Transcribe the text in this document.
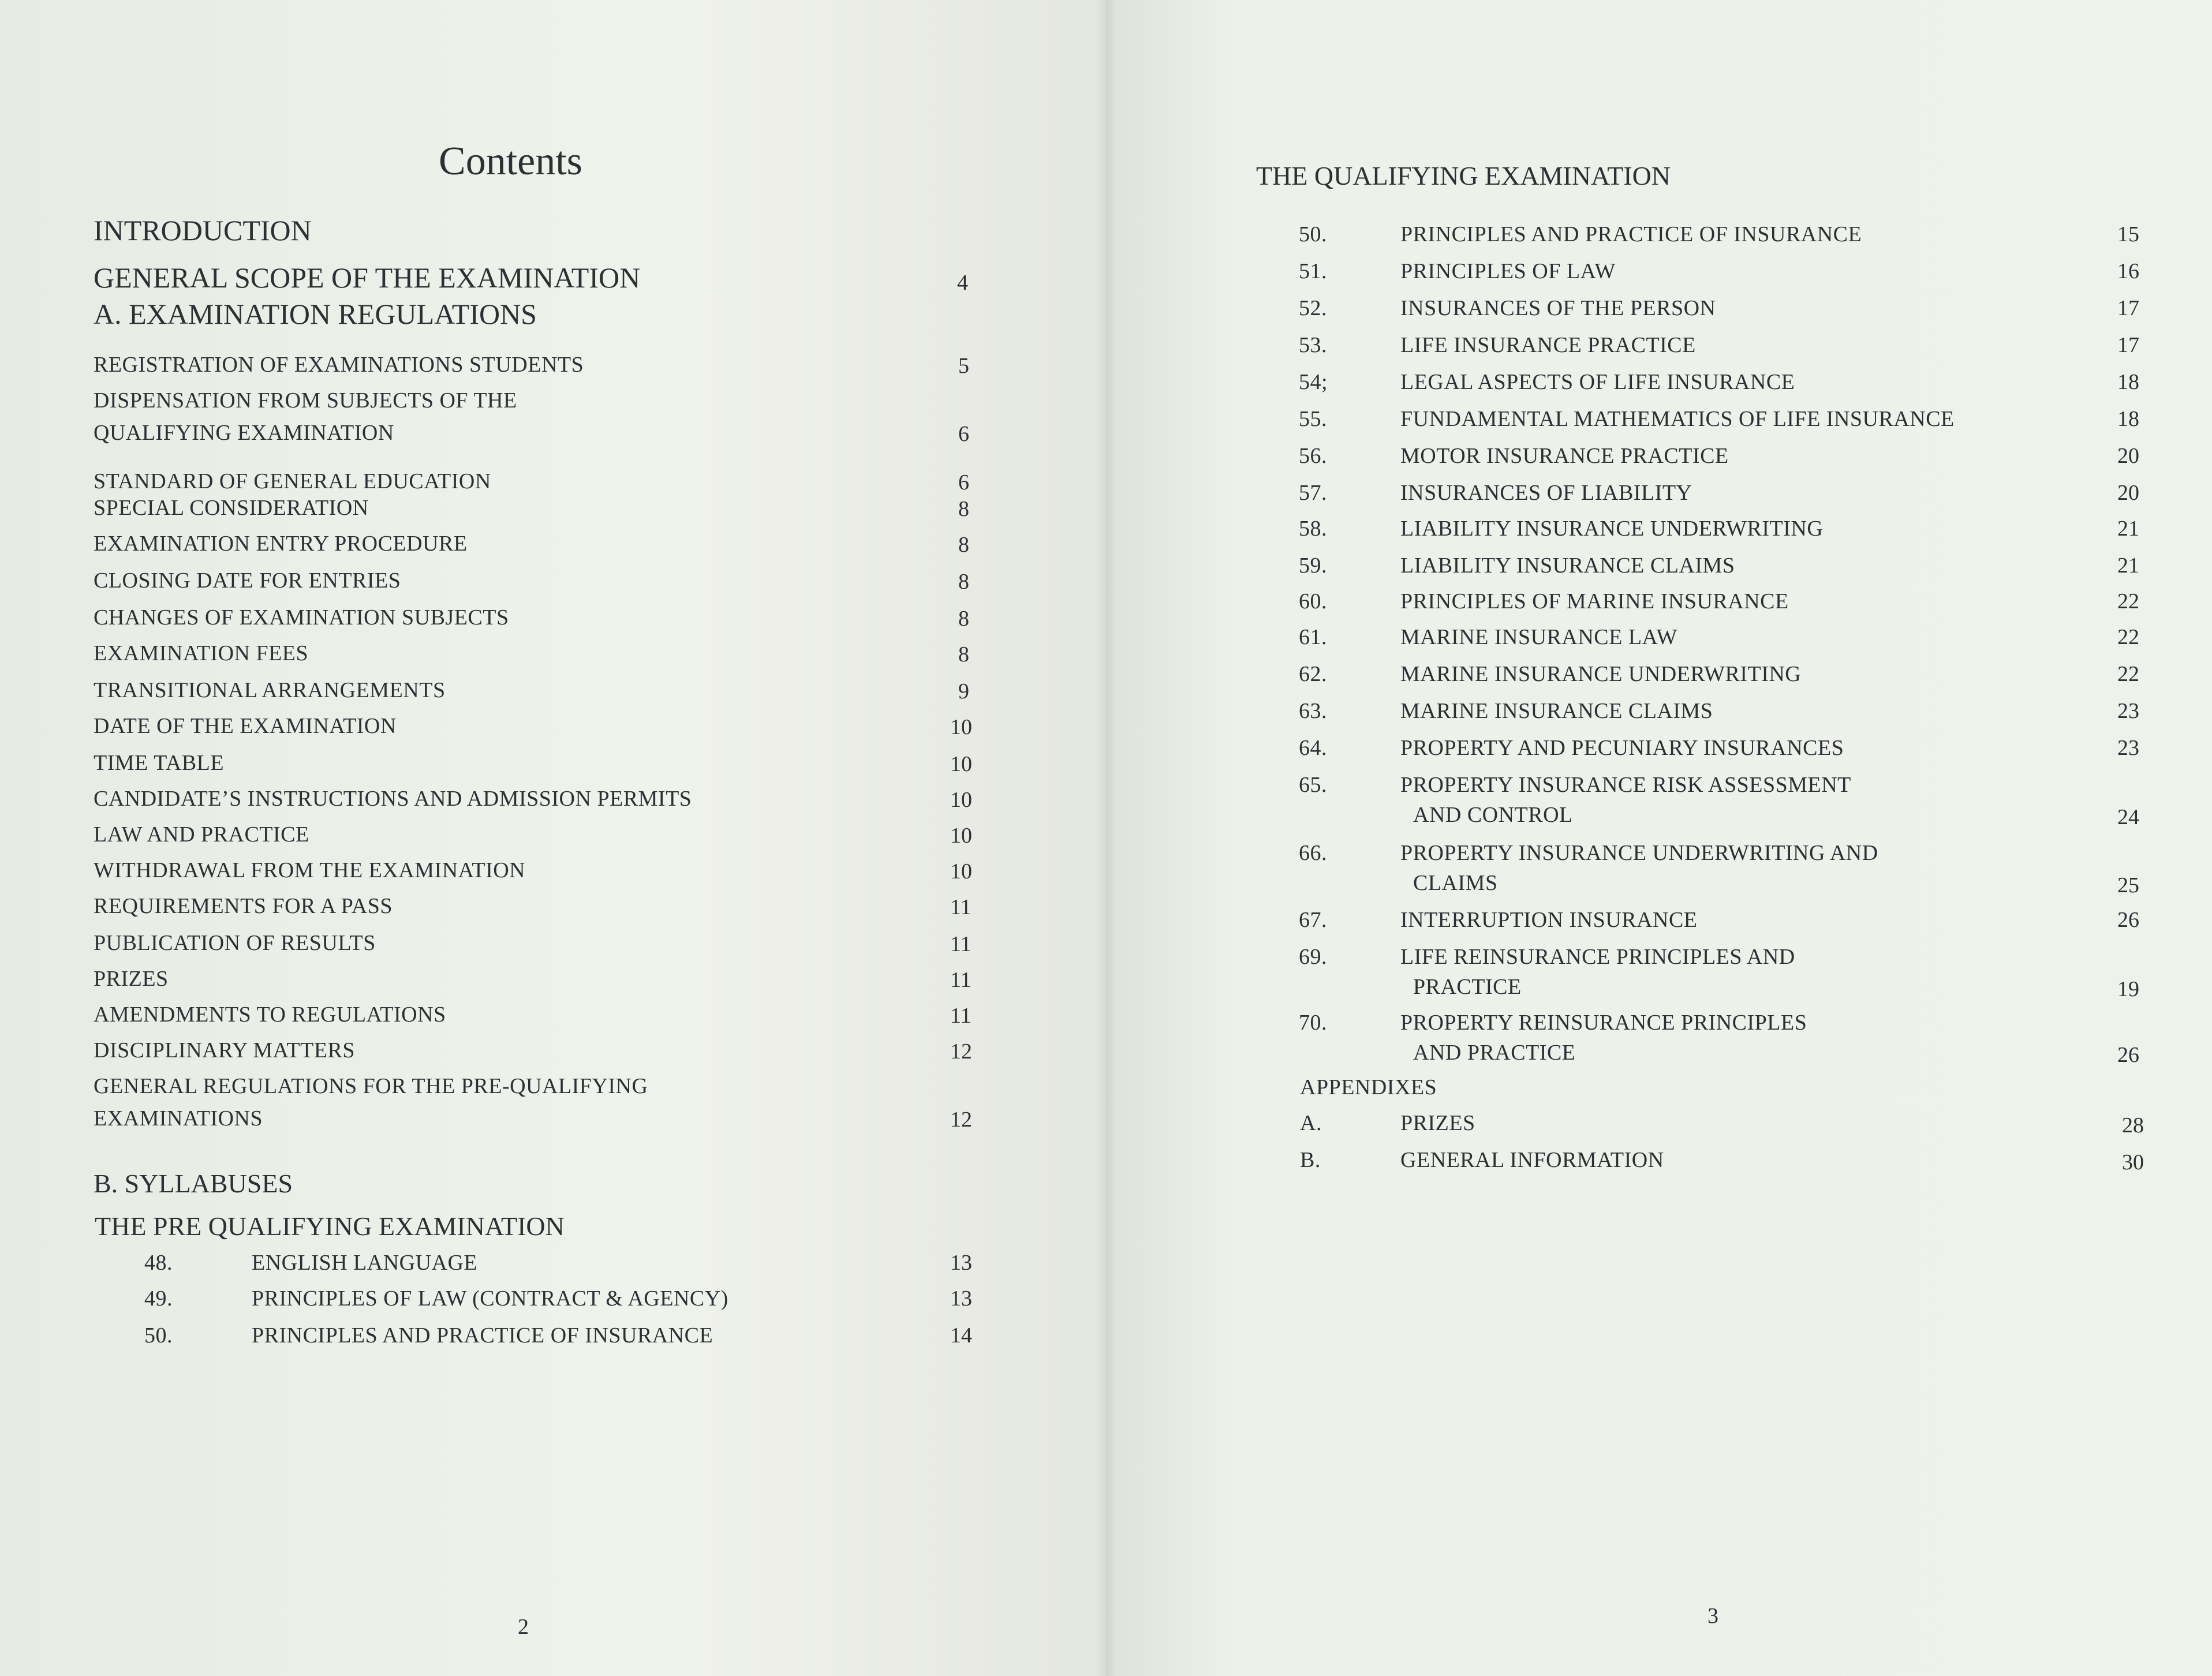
Contents
INTRODUCTION
GENERAL SCOPE OF THE EXAMINATION	4
A. EXAMINATION REGULATIONS
REGISTRATION OF EXAMINATIONS STUDENTS	5
DISPENSATION FROM SUBJECTS OF THE
QUALIFYING EXAMINATION	6
STANDARD OF GENERAL EDUCATION	6
SPECIAL CONSIDERATION	8
EXAMINATION ENTRY PROCEDURE	8
CLOSING DATE FOR ENTRIES	8
CHANGES OF EXAMINATION SUBJECTS	8
EXAMINATION FEES	8
TRANSITIONAL ARRANGEMENTS	9
DATE OF THE EXAMINATION	10
TIME TABLE	10
CANDIDATE’S INSTRUCTIONS AND ADMISSION PERMITS	10
LAW AND PRACTICE	10
WITHDRAWAL FROM THE EXAMINATION	10
REQUIREMENTS FOR A PASS	11
PUBLICATION OF RESULTS	11
PRIZES	11
AMENDMENTS TO REGULATIONS	11
DISCIPLINARY MATTERS	12
GENERAL REGULATIONS FOR THE PRE-QUALIFYING
EXAMINATIONS	12
B. SYLLABUSES
THE PRE QUALIFYING EXAMINATION
48.	ENGLISH LANGUAGE	13
49.	PRINCIPLES OF LAW (CONTRACT & AGENCY)	13
50.	PRINCIPLES AND PRACTICE OF INSURANCE	14
2
THE QUALIFYING EXAMINATION
50.	PRINCIPLES AND PRACTICE OF INSURANCE	15
51.	PRINCIPLES OF LAW	16
52.	INSURANCES OF THE PERSON	17
53.	LIFE INSURANCE PRACTICE	17
54;	LEGAL ASPECTS OF LIFE INSURANCE	18
55.	FUNDAMENTAL MATHEMATICS OF LIFE INSURANCE	18
56.	MOTOR INSURANCE PRACTICE	20
57.	INSURANCES OF LIABILITY	20
58.	LIABILITY INSURANCE UNDERWRITING	21
59.	LIABILITY INSURANCE CLAIMS	21
60.	PRINCIPLES OF MARINE INSURANCE	22
61.	MARINE INSURANCE LAW	22
62.	MARINE INSURANCE UNDERWRITING	22
63.	MARINE INSURANCE CLAIMS	23
64.	PROPERTY AND PECUNIARY INSURANCES	23
65.	PROPERTY INSURANCE RISK ASSESSMENT
AND CONTROL	24
66.	PROPERTY INSURANCE UNDERWRITING AND
CLAIMS	25
67.	INTERRUPTION INSURANCE	26
69.	LIFE REINSURANCE PRINCIPLES AND
PRACTICE	19
70.	PROPERTY REINSURANCE PRINCIPLES
AND PRACTICE	26
APPENDIXES
A.	PRIZES	28
B.	GENERAL INFORMATION	30
3
